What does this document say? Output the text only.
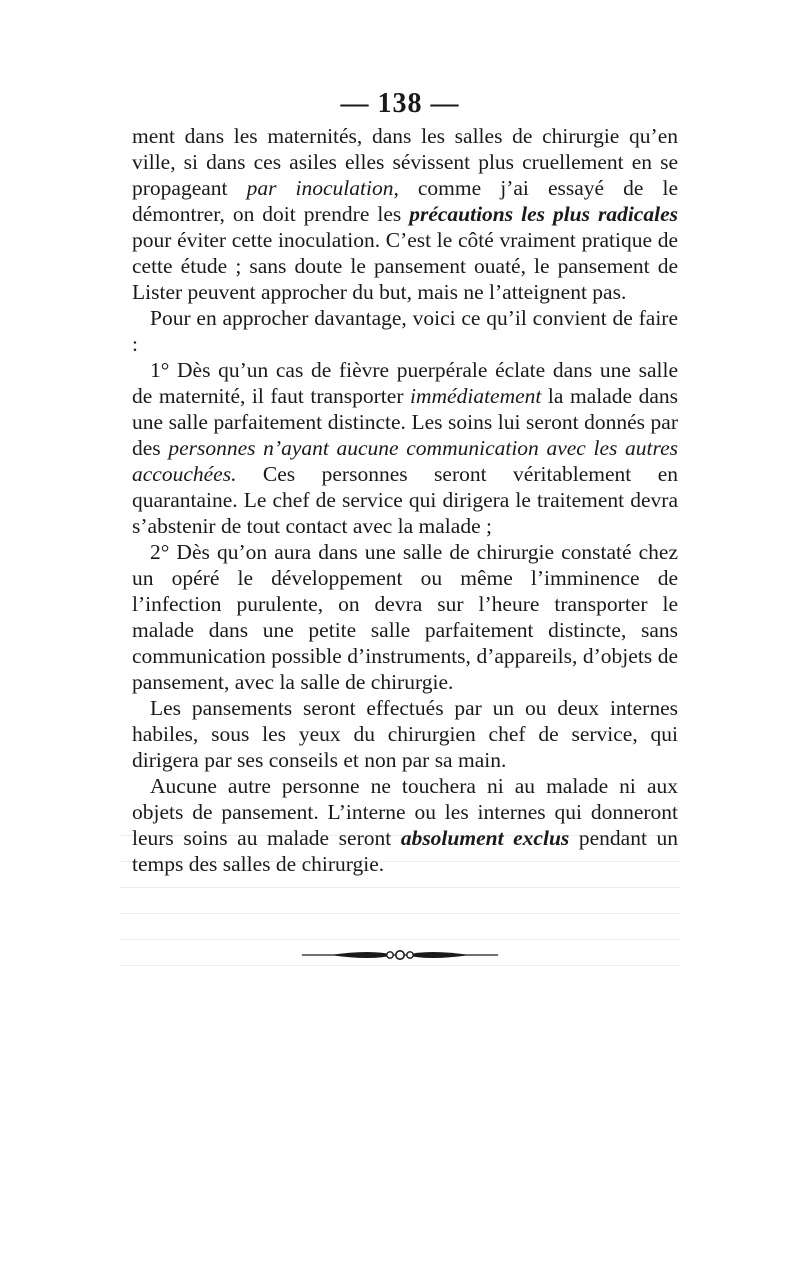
— 138 —

ment dans les maternités, dans les salles de chirurgie qu’en ville, si dans ces asiles elles sévissent plus cruellement en se propageant par inoculation, comme j’ai essayé de le démontrer, on doit prendre les précautions les plus radicales pour éviter cette inoculation. C’est le côté vraiment pratique de cette étude ; sans doute le pansement ouaté, le pansement de Lister peuvent approcher du but, mais ne l’atteignent pas.

Pour en approcher davantage, voici ce qu’il convient de faire :

1° Dès qu’un cas de fièvre puerpérale éclate dans une salle de maternité, il faut transporter immédiatement la malade dans une salle parfaitement distincte. Les soins lui seront donnés par des personnes n’ayant aucune communication avec les autres accouchées. Ces personnes seront véritablement en quarantaine. Le chef de service qui dirigera le traitement devra s’abstenir de tout contact avec la malade ;

2° Dès qu’on aura dans une salle de chirurgie constaté chez un opéré le développement ou même l’imminence de l’infection purulente, on devra sur l’heure transporter le malade dans une petite salle parfaitement distincte, sans communication possible d’instruments, d’appareils, d’objets de pansement, avec la salle de chirurgie.

Les pansements seront effectués par un ou deux internes habiles, sous les yeux du chirurgien chef de service, qui dirigera par ses conseils et non par sa main.

Aucune autre personne ne touchera ni au malade ni aux objets de pansement. L’interne ou les internes qui donneront leurs soins au malade seront absolument exclus pendant un temps des salles de chirurgie.
